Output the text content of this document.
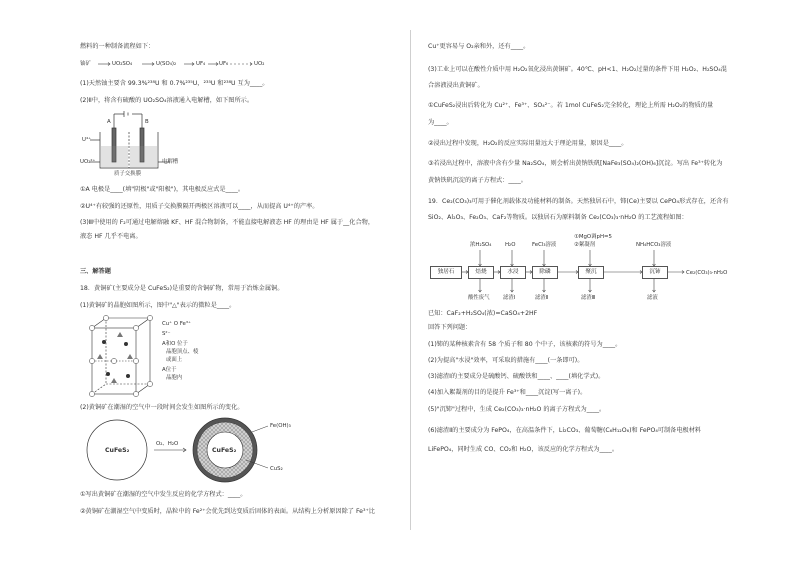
燃料的一种制备流程如下：
铀矿	UO₂SO₄	U(SO₄)₂	UF₄	UF₆	UO₂
(1)天然铀主要含 99.3%²³⁸U 和 0.7%²³⁵U，²³⁵U 和²³⁸U 互为____。
(2)Ⅱ中，将含有硫酸的 UO₂SO₄溶液通入电解槽，如下图所示。
U⁴⁺
A	B
UO₂²⁺	电解槽
质子交换膜
①A 电极是____(填"阴极"或"阳极")，其电极反应式是____。
②U⁴⁺有较强的还原性，用质子交换膜隔开两极区溶液可以____，从而提高 U⁴⁺的产率。
(3)Ⅲ中使用的 F₂可通过电解熔融 KF、HF 混合物制备，不能直接电解液态 HF 的理由是 HF 属于__化合物，
液态 HF 几乎不电离。
三、解答题
18．黄铜矿(主要成分是 CuFeS₂)是重要的含铜矿物，常用于冶炼金属铜。
(1)黄铜矿的晶胞如图所示，图中"△"表示的微粒是____。
Cu⁺ O Fe³⁺
S²⁻
A和O 位于
晶胞顶点、棱
或面上
A位于
晶胞内
(2)黄铜矿在潮湿的空气中一段时间会发生如图所示的变化。
CuFeS₂
O₂、H₂O
CuFeS₂
Fe(OH)₃
CuS₂
①写出黄铜矿在潮湿的空气中发生反应的化学方程式：____。
②黄铜矿在潮湿空气中变质时，晶粒中的 Fe²⁺会优先到达变质后固体的表面。从结构上分析原因除了 Fe³⁺比
Cu⁺更容易与 O₂亲和外，还有____。
(3)工业上可以在酸性介质中用 H₂O₂氧化浸出黄铜矿。40℃、pH<1、H₂O₂过量的条件下用 H₂O₂、H₂SO₄混
合溶液浸出黄铜矿。
①CuFeS₂浸出后转化为 Cu²⁺、Fe³⁺、SO₄²⁻。若 1mol CuFeS₂完全转化，理论上所需 H₂O₂的物质的量
为____。
②浸出过程中发现，H₂O₂的反应实际用量远大于理论用量，原因是____。
③若浸出过程中，溶液中含有少量 Na₂SO₄，则会析出黄钠铁矾[NaFe₃(SO₄)₂(OH)₆]沉淀。写出 Fe³⁺转化为
黄钠铁矾沉淀的离子方程式：____。
19．Ce₂(CO₃)₃可用于催化剂载体及功能材料的制备。天然独居石中，铈(Ce)主要以 CePO₄形式存在，还含有
SiO₂、Al₂O₃、Fe₂O₃、CaF₂等物质。以独居石为原料制备 Ce₂(CO₃)₃·nH₂O 的工艺流程如图：
浓H₂SO₄	H₂O	FeCl₃溶液
①MgO调pH=5
②絮凝剂	NH₄HCO₃溶液
独居石	焙烧	水浸	除磷	聚沉	沉铈	Ce₂(CO₃)₃·nH₂O
酸性废气 滤渣Ⅰ	滤渣Ⅱ	滤渣Ⅲ	滤液
已知：CaF₂+H₂SO₄(浓)=CaSO₄+2HF
回答下列问题：
(1)铈的某种核素含有 58 个质子和 80 个中子，该核素的符号为____。
(2)为提高"水浸"效率，可采取的措施有____(一条即可)。
(3)滤渣Ⅰ的主要成分是硫酸钙、硫酸铁和____、____(填化学式)。
(4)加入絮凝剂的目的是提升 Fe³⁺和____沉淀(写一离子)。
(5)"沉铈"过程中，生成 Ce₂(CO₃)₃·nH₂O 的离子方程式为____。
(6)滤渣Ⅱ的主要成分为 FePO₄，在高温条件下，Li₂CO₃、葡萄糖(C₆H₁₂O₆)和 FePO₄可制备电极材料
LiFePO₄，同时生成 CO、CO₂和 H₂O，该反应的化学方程式为____。
